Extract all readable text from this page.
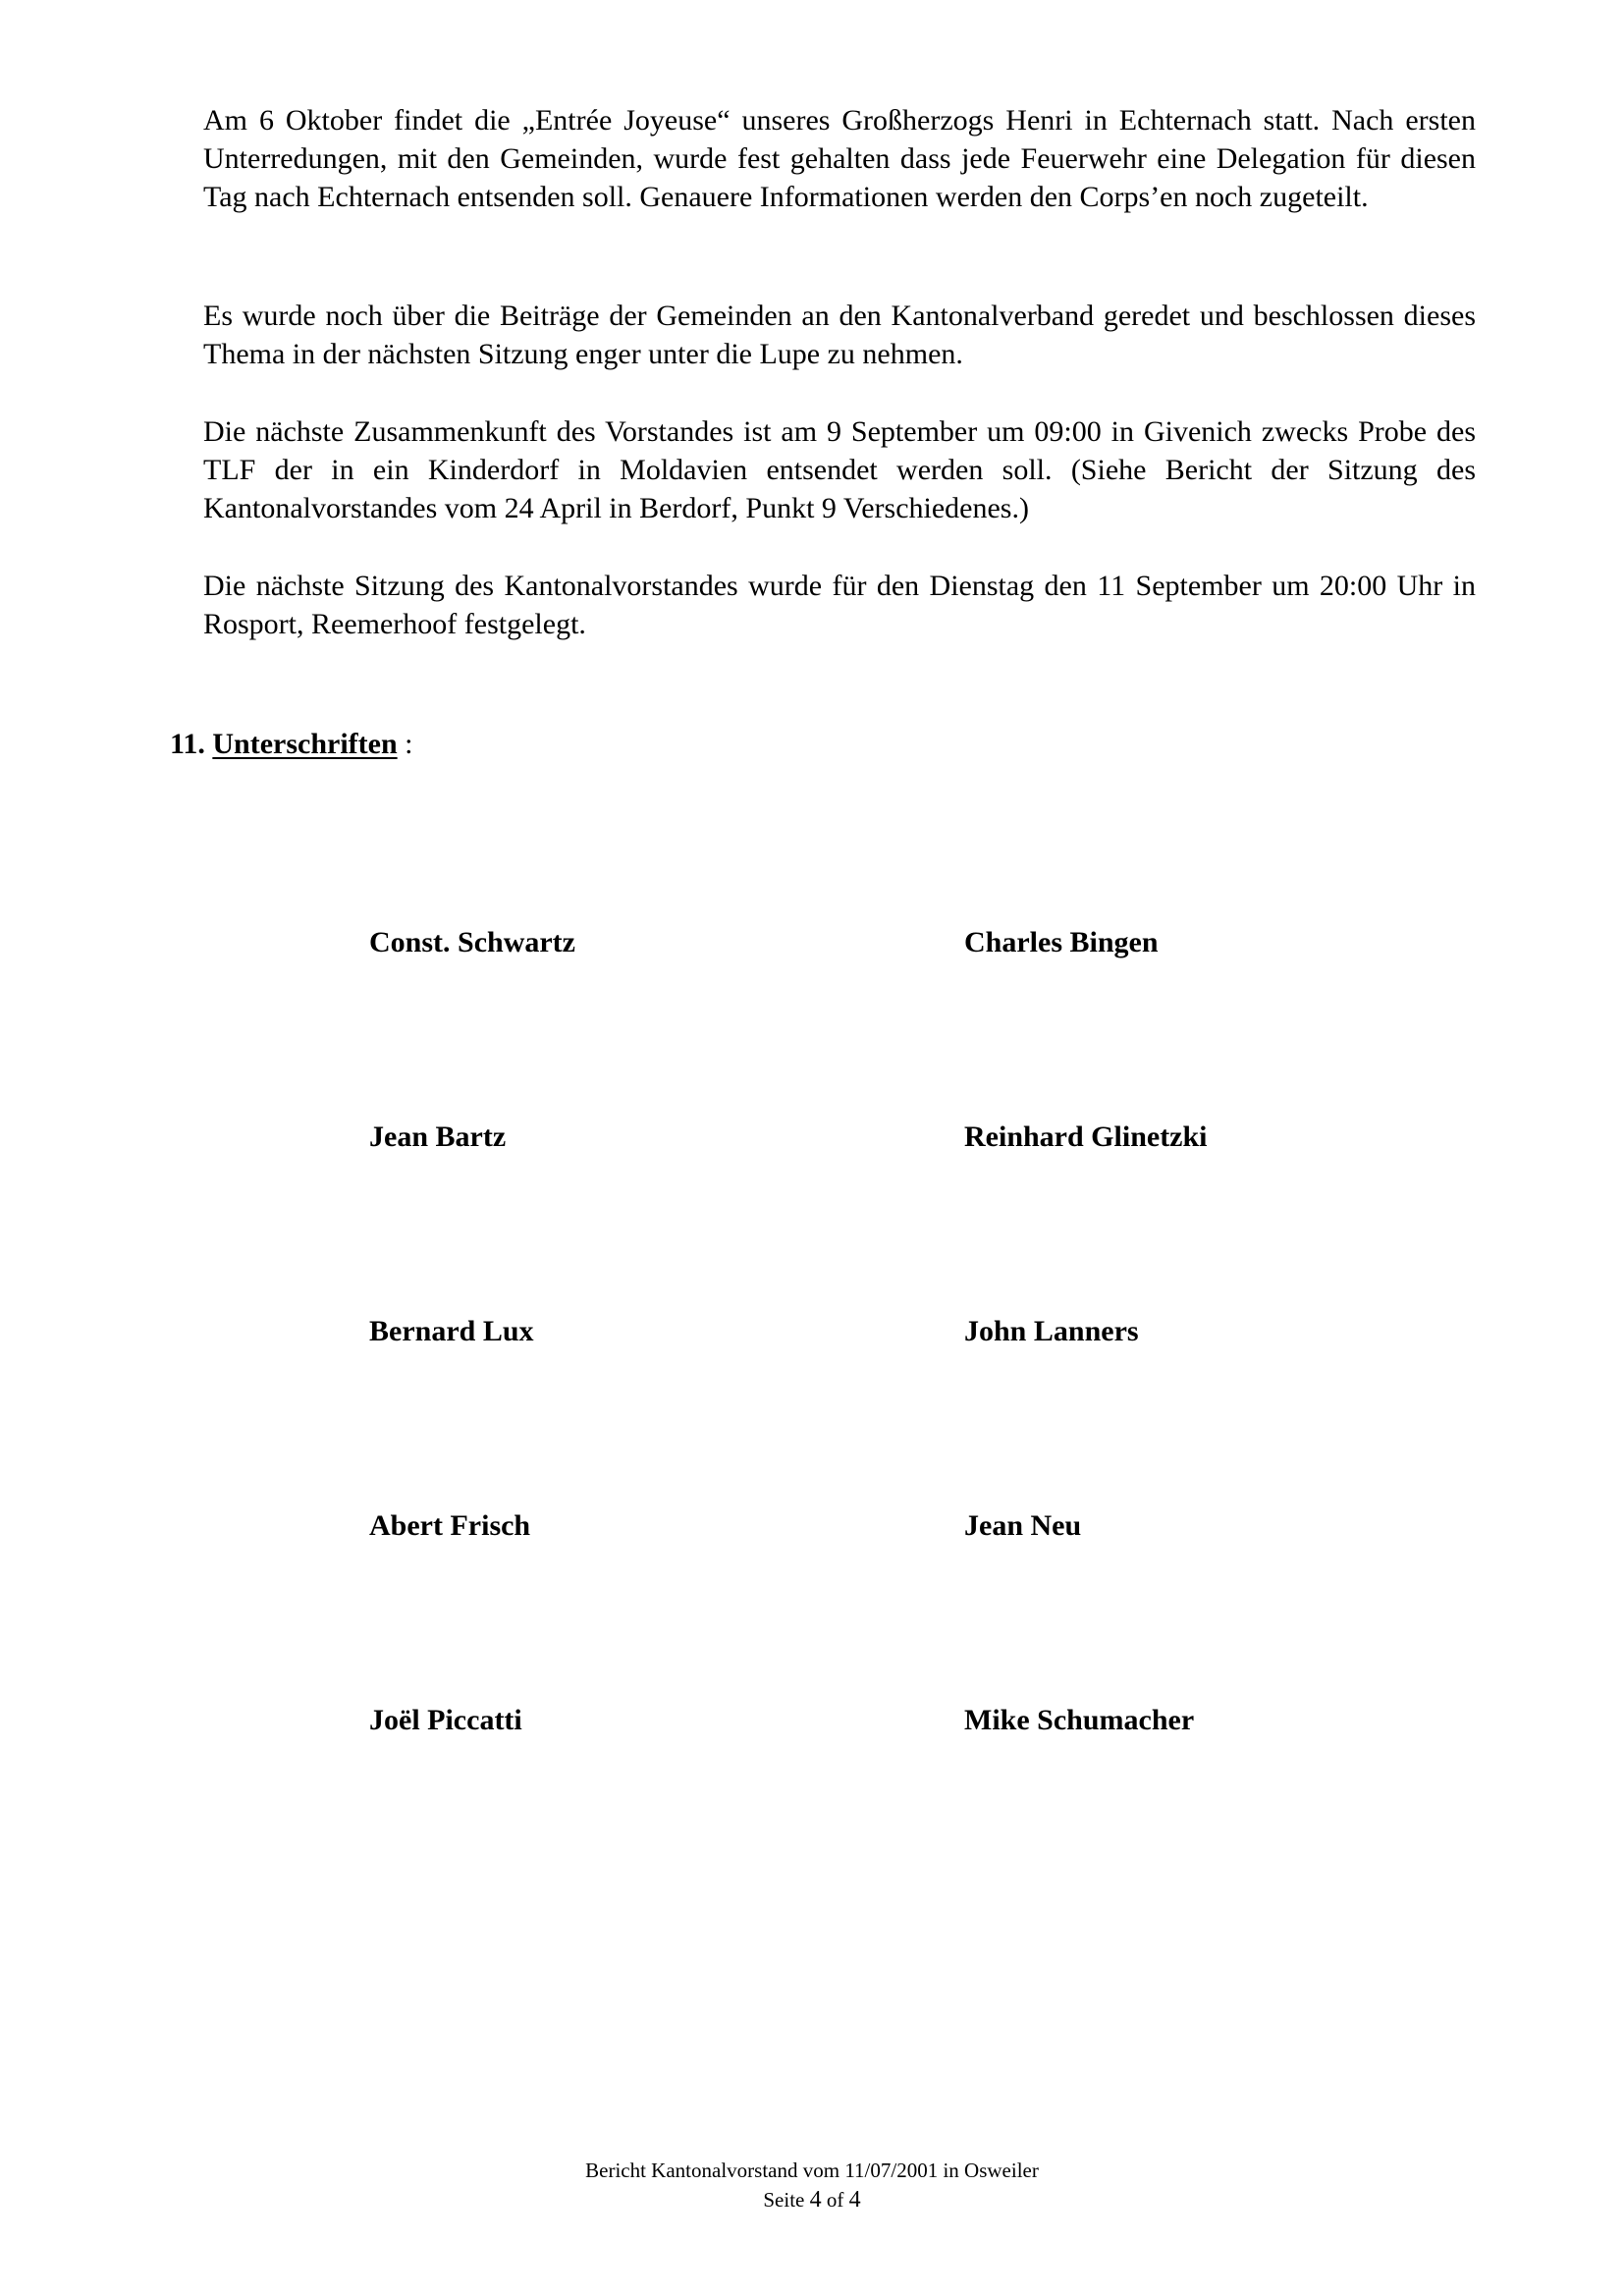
Am 6 Oktober findet die „Entrée Joyeuse“ unseres Großherzogs Henri in Echternach statt. Nach ersten Unterredungen, mit den Gemeinden, wurde fest gehalten dass jede Feuerwehr eine Delegation für diesen Tag nach Echternach entsenden soll. Genauere Informationen werden den Corps’en noch zugeteilt.

Es wurde noch über die Beiträge der Gemeinden an den Kantonalverband geredet und beschlossen dieses Thema in der nächsten Sitzung enger unter die Lupe zu nehmen.

Die nächste Zusammenkunft des Vorstandes ist am 9 September um 09:00 in Givenich zwecks Probe des TLF der in ein Kinderdorf in Moldavien entsendet werden soll. (Siehe Bericht der Sitzung des Kantonalvorstandes vom 24 April in Berdorf, Punkt 9 Verschiedenes.)

Die nächste Sitzung des Kantonalvorstandes wurde für den Dienstag den 11 September um 20:00 Uhr in Rosport, Reemerhoof festgelegt.

11. Unterschriften :

Const. Schwartz	Charles Bingen

Jean Bartz	Reinhard Glinetzki

Bernard Lux	John Lanners

Abert Frisch	Jean Neu

Joël Piccatti	Mike Schumacher

Bericht Kantonalvorstand vom 11/07/2001 in Osweiler

Seite 4 of 4
